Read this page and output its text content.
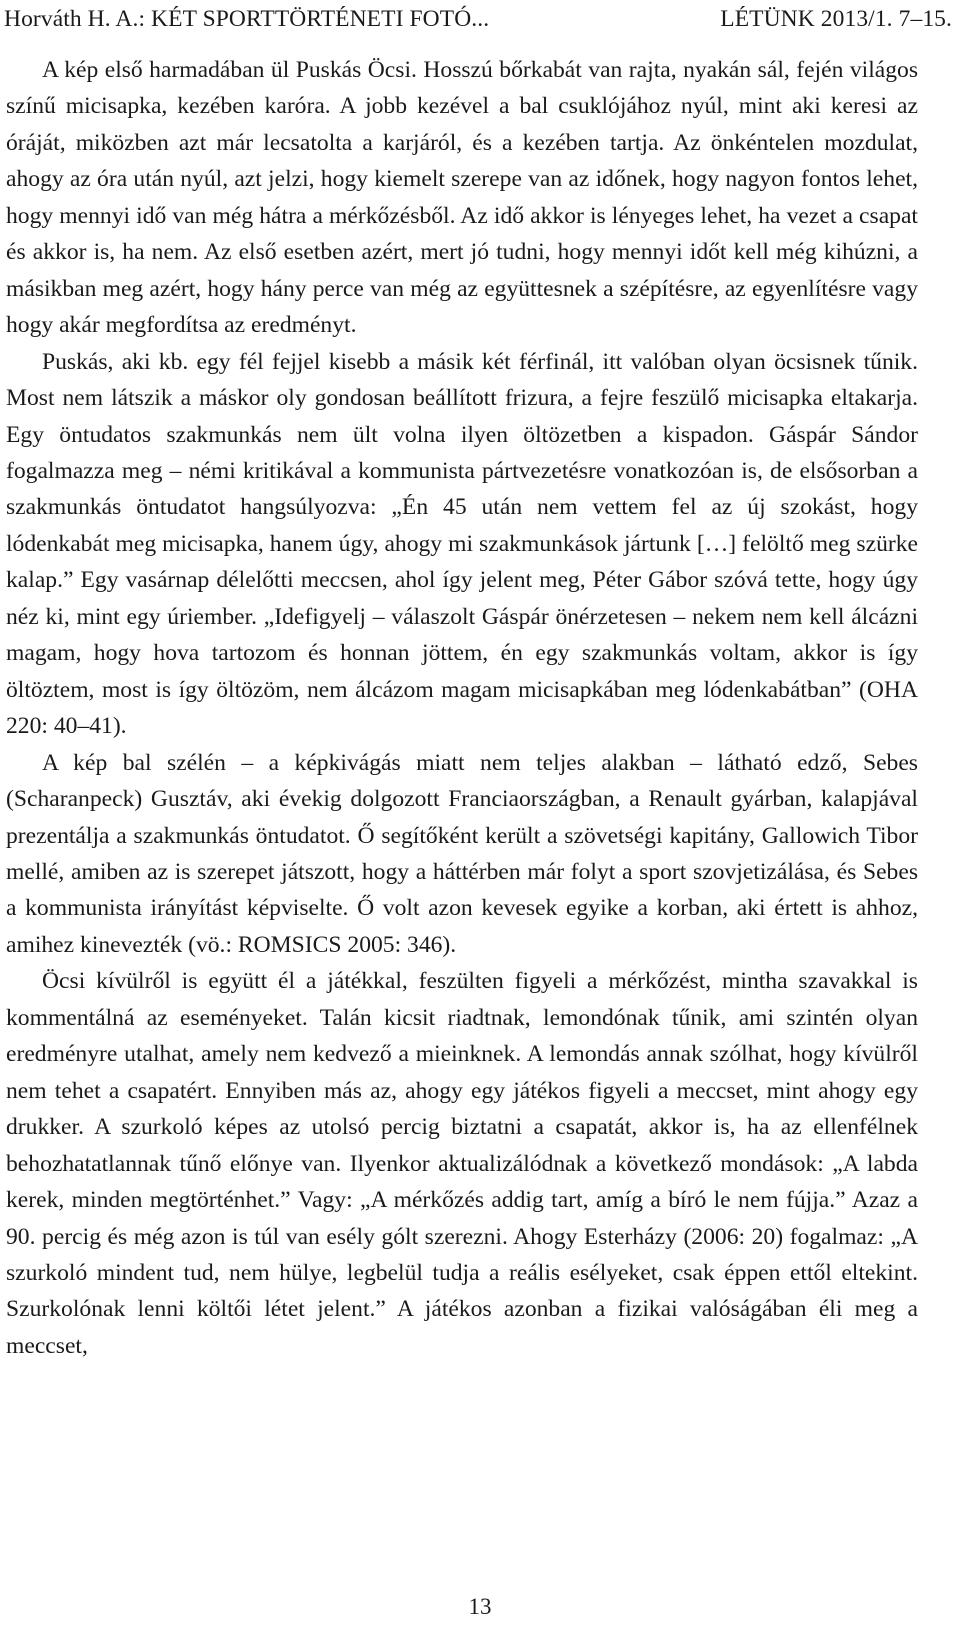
Horváth H. A.: KÉT SPORTTÖRTÉNETI FOTÓ...	LÉTÜNK 2013/1. 7–15.

A kép első harmadában ül Puskás Öcsi. Hosszú bőrkabát van rajta, nyakán sál, fején világos színű micisapka, kezében karóra. A jobb kezével a bal csuklójához nyúl, mint aki keresi az óráját, miközben azt már lecsatolta a karjáról, és a kezében tartja. Az önkéntelen mozdulat, ahogy az óra után nyúl, azt jelzi, hogy kiemelt szerepe van az időnek, hogy nagyon fontos lehet, hogy mennyi idő van még hátra a mérkőzésből. Az idő akkor is lényeges lehet, ha vezet a csapat és akkor is, ha nem. Az első esetben azért, mert jó tudni, hogy mennyi időt kell még kihúzni, a másikban meg azért, hogy hány perce van még az együttesnek a szépítésre, az egyenlítésre vagy hogy akár megfordítsa az eredményt.

Puskás, aki kb. egy fél fejjel kisebb a másik két férfinál, itt valóban olyan öcsisnek tűnik. Most nem látszik a máskor oly gondosan beállított frizura, a fejre feszülő micisapka eltakarja. Egy öntudatos szakmunkás nem ült volna ilyen öltözetben a kispadon. Gáspár Sándor fogalmazza meg – némi kritikával a kommunista pártvezetésre vonatkozóan is, de elsősorban a szakmunkás öntudatot hangsúlyozva: „Én 45 után nem vettem fel az új szokást, hogy lódenkabát meg micisapka, hanem úgy, ahogy mi szakmunkások jártunk […] felöltő meg szürke kalap.” Egy vasárnap délelőtti meccsen, ahol így jelent meg, Péter Gábor szóvá tette, hogy úgy néz ki, mint egy úriember. „Idefigyelj – válaszolt Gáspár önérzetesen – nekem nem kell álcázni magam, hogy hova tartozom és honnan jöttem, én egy szakmunkás voltam, akkor is így öltöztem, most is így öltözöm, nem álcázom magam micisapkában meg lódenkabátban” (OHA 220: 40–41).

A kép bal szélén – a képkivágás miatt nem teljes alakban – látható edző, Sebes (Scharanpeck) Gusztáv, aki évekig dolgozott Franciaországban, a Renault gyárban, kalapjával prezentálja a szakmunkás öntudatot. Ő segítőként került a szövetségi kapitány, Gallowich Tibor mellé, amiben az is szerepet játszott, hogy a háttérben már folyt a sport szovjetizálása, és Sebes a kommunista irányítást képviselte. Ő volt azon kevesek egyike a korban, aki értett is ahhoz, amihez kinevezték (vö.: ROMSICS 2005: 346).

Öcsi kívülről is együtt él a játékkal, feszülten figyeli a mérkőzést, mintha szavakkal is kommentálná az eseményeket. Talán kicsit riadtnak, lemondónak tűnik, ami szintén olyan eredményre utalhat, amely nem kedvező a mieinknek. A lemondás annak szólhat, hogy kívülről nem tehet a csapatért. Ennyiben más az, ahogy egy játékos figyeli a meccset, mint ahogy egy drukker. A szurkoló képes az utolsó percig biztatni a csapatát, akkor is, ha az ellenfélnek behozhatatlannak tűnő előnye van. Ilyenkor aktualizálódnak a következő mondások: „A labda kerek, minden megtörténhet.” Vagy: „A mérkőzés addig tart, amíg a bíró le nem fújja.” Azaz a 90. percig és még azon is túl van esély gólt szerezni. Ahogy Esterházy (2006: 20) fogalmaz: „A szurkoló mindent tud, nem hülye, legbelül tudja a reális esélyeket, csak éppen ettől eltekint. Szurkolónak lenni költői létet jelent.” A játékos azonban a fizikai valóságában éli meg a meccset,

13
